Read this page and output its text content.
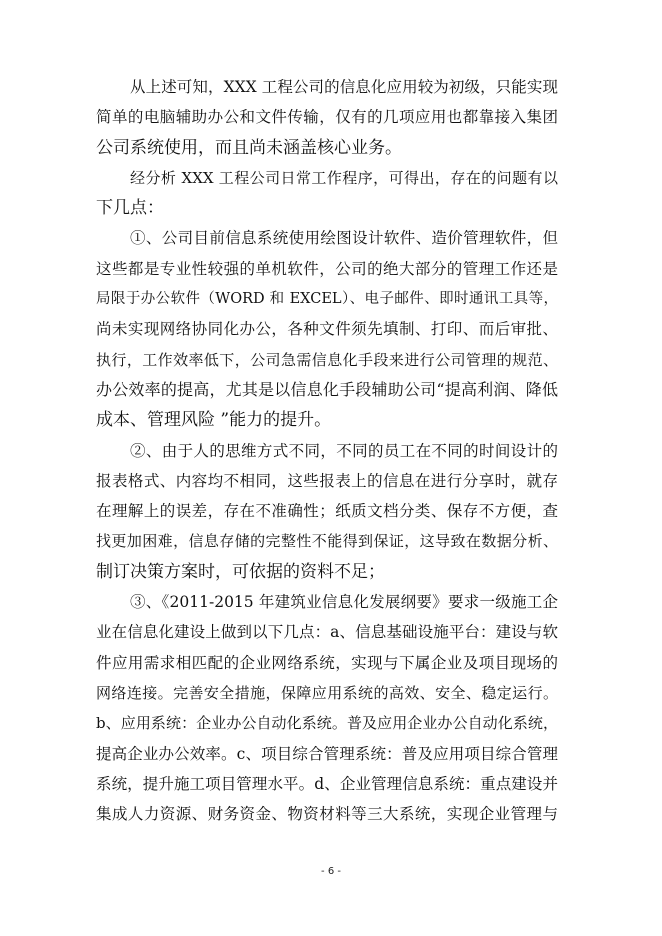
从上述可知，XXX 工程公司的信息化应用较为初级，只能实现
简单的电脑辅助办公和文件传输，仅有的几项应用也都靠接入集团
公司系统使用，而且尚未涵盖核心业务。
经分析 XXX 工程公司日常工作程序，可得出，存在的问题有以
下几点：
①、公司目前信息系统使用绘图设计软件、造价管理软件，但
这些都是专业性较强的单机软件，公司的绝大部分的管理工作还是
局限于办公软件（WORD 和 EXCEL）、电子邮件、即时通讯工具等，
尚未实现网络协同化办公，各种文件须先填制、打印、而后审批、
执行，工作效率低下，公司急需信息化手段来进行公司管理的规范、
办公效率的提高，尤其是以信息化手段辅助公司“提高利润、降低
成本、管理风险 ”能力的提升。
②、由于人的思维方式不同，不同的员工在不同的时间设计的
报表格式、内容均不相同，这些报表上的信息在进行分享时，就存
在理解上的误差，存在不准确性；纸质文档分类、保存不方便，查
找更加困难，信息存储的完整性不能得到保证，这导致在数据分析、
制订决策方案时，可依据的资料不足；
③、《2011-2015 年建筑业信息化发展纲要》要求一级施工企
业在信息化建设上做到以下几点：a、信息基础设施平台：建设与软
件应用需求相匹配的企业网络系统，实现与下属企业及项目现场的
网络连接。完善安全措施，保障应用系统的高效、安全、稳定运行。
b、应用系统：企业办公自动化系统。普及应用企业办公自动化系统，
提高企业办公效率。c、项目综合管理系统：普及应用项目综合管理
系统，提升施工项目管理水平。d、企业管理信息系统：重点建设并
集成人力资源、财务资金、物资材料等三大系统，实现企业管理与
- 6 -
